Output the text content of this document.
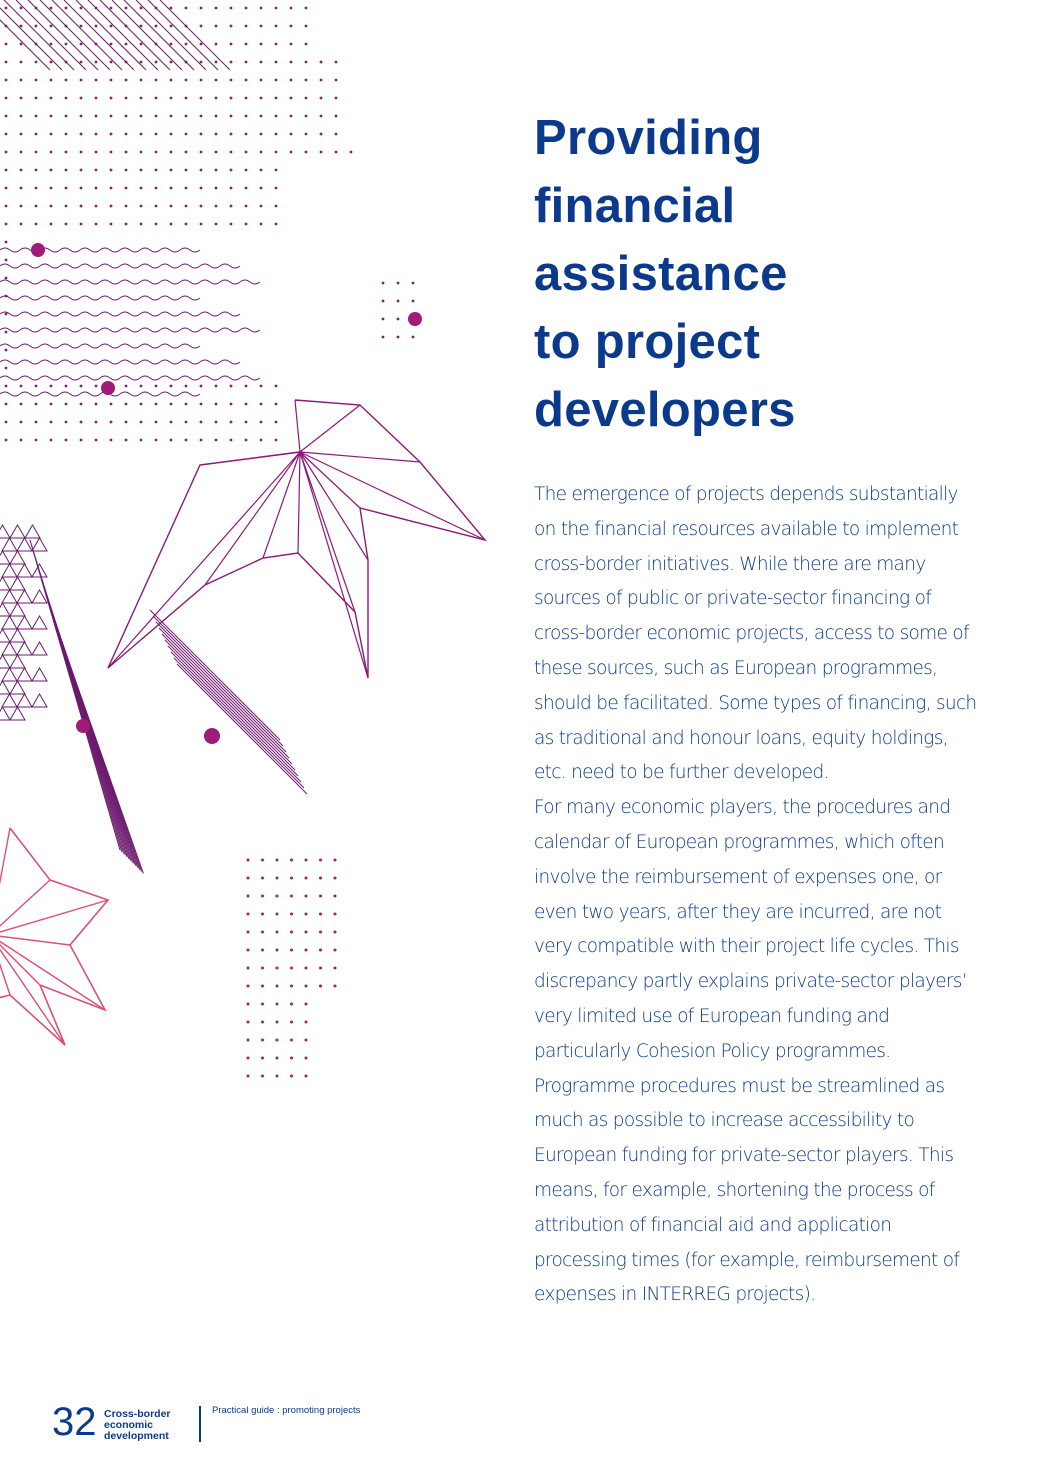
Providing
financial
assistance
to project
developers

The emergence of projects depends substantially on the financial resources available to implement cross-border initiatives. While there are many sources of public or private-sector financing of cross-border economic projects, access to some of these sources, such as European programmes, should be facilitated. Some types of financing, such as traditional and honour loans, equity holdings, etc. need to be further developed.

For many economic players, the procedures and calendar of European programmes, which often involve the reimbursement of expenses one, or even two years, after they are incurred, are not very compatible with their project life cycles. This discrepancy partly explains private-sector players’ very limited use of European funding and particularly Cohesion Policy programmes. Programme procedures must be streamlined as much as possible to increase accessibility to European funding for private-sector players. This means, for example, shortening the process of attribution of financial aid and application processing times (for example, reimbursement of expenses in INTERREG projects).

32 Cross-border
economic
development
Practical guide : promoting projects
